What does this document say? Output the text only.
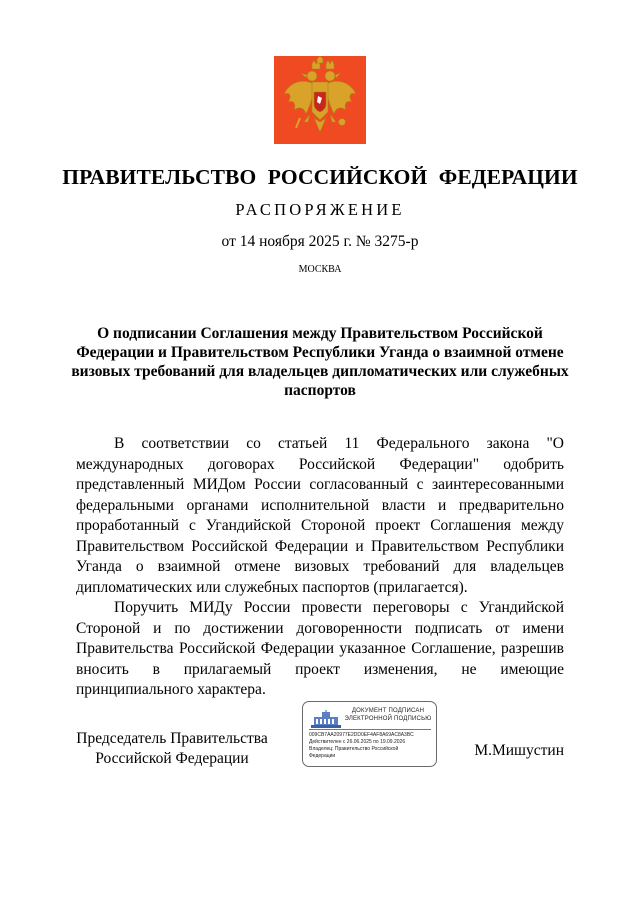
ПРАВИТЕЛЬСТВО РОССИЙСКОЙ ФЕДЕРАЦИИ
РАСПОРЯЖЕНИЕ
от 14 ноября 2025 г. № 3275-р
МОСКВА
О подписании Соглашения между Правительством Российской Федерации и Правительством Республики Уганда о взаимной отмене визовых требований для владельцев дипломатических или служебных паспортов

В соответствии со статьей 11 Федерального закона "О международных договорах Российской Федерации" одобрить представленный МИДом России согласованный с заинтересованными федеральными органами исполнительной власти и предварительно проработанный с Угандийской Стороной проект Соглашения между Правительством Российской Федерации и Правительством Республики Уганда о взаимной отмене визовых требований для владельцев дипломатических или служебных паспортов (прилагается).

Поручить МИДу России провести переговоры с Угандийской Стороной и по достижении договоренности подписать от имени Правительства Российской Федерации указанное Соглашение, разрешив вносить в прилагаемый проект изменения, не имеющие принципиального характера.

Председатель Правительства
Российской Федерации
ДОКУМЕНТ ПОДПИСАН
ЭЛЕКТРОННОЙ ПОДПИСЬЮ
009CB7AA20977E2DD0EF4AF8A69AC8A3BC
Действителен с 26.06.2025 по 19.09.2026
Владелец: Правительство Российской
Федерации	М.Мишустин
